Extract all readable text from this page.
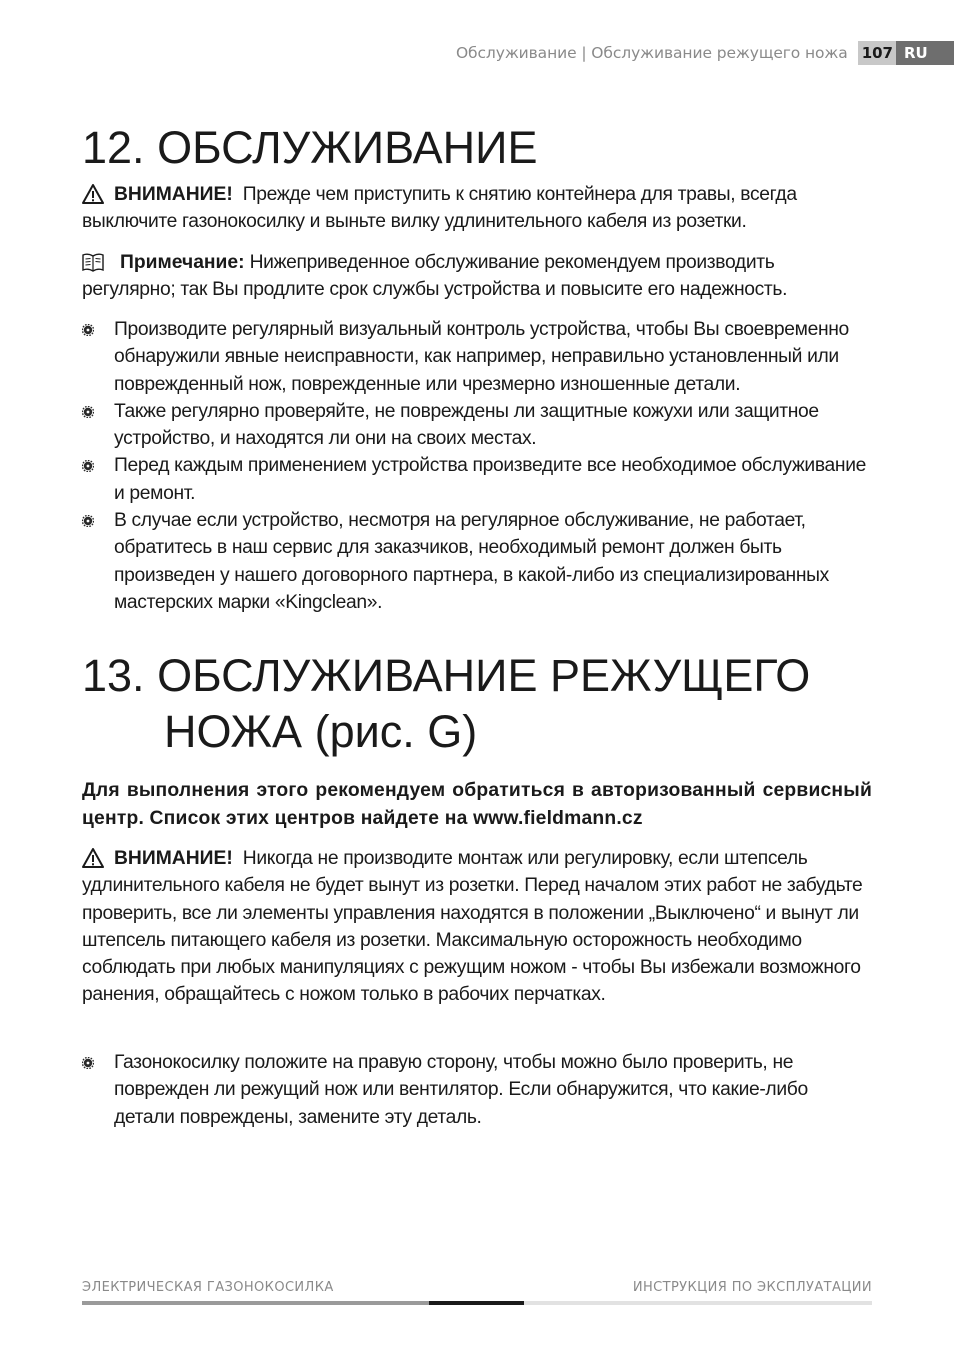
Обслуживание | Обслуживание режущего ножа 107 RU
12. ОБСЛУЖИВАНИЕ
ВНИМАНИЕ! Прежде чем приступить к снятию контейнера для травы, всегда выключите газонокосилку и выньте вилку удлинительного кабеля из розетки.
Примечание: Нижеприведенное обслуживание рекомендуем производить регулярно; так Вы продлите срок службы устройства и повысите его надежность.
Производите регулярный визуальный контроль устройства, чтобы Вы своевременно обнаружили явные неисправности, как например, неправильно установленный или поврежденный нож, поврежденные или чрезмерно изношенные детали.
Также регулярно проверяйте, не повреждены ли защитные кожухи или защитное устройство, и находятся ли они на своих местах.
Перед каждым применением устройства произведите все необходимое обслуживание и ремонт.
В случае если устройство, несмотря на регулярное обслуживание, не работает, обратитесь в наш сервис для заказчиков, необходимый ремонт должен быть произведен у нашего договорного партнера, в какой-либо из специализированных мастерских марки «Kingclean».
13. ОБСЛУЖИВАНИЕ РЕЖУЩЕГО
НОЖА (рис. G)
Для выполнения этого рекомендуем обратиться в авторизованный сервисный центр. Список этих центров найдете на www.fieldmann.cz
ВНИМАНИЕ! Никогда не производите монтаж или регулировку, если штепсель удлинительного кабеля не будет вынут из розетки. Перед началом этих работ не забудьте проверить, все ли элементы управления находятся в положении „Выключено“ и вынут ли штепсель питающего кабеля из розетки. Максимальную осторожность необходимо соблюдать при любых манипуляциях с режущим ножом - чтобы Вы избежали возможного ранения, обращайтесь с ножом только в рабочих перчатках.
Газонокосилку положите на правую сторону, чтобы можно было проверить, не поврежден ли режущий нож или вентилятор. Если обнаружится, что какие-либо детали повреждены, замените эту деталь.
ЭЛЕКТРИЧЕСКАЯ ГАЗОНОКОСИЛКА	ИНСТРУКЦИЯ ПО ЭКСПЛУАТАЦИИ
